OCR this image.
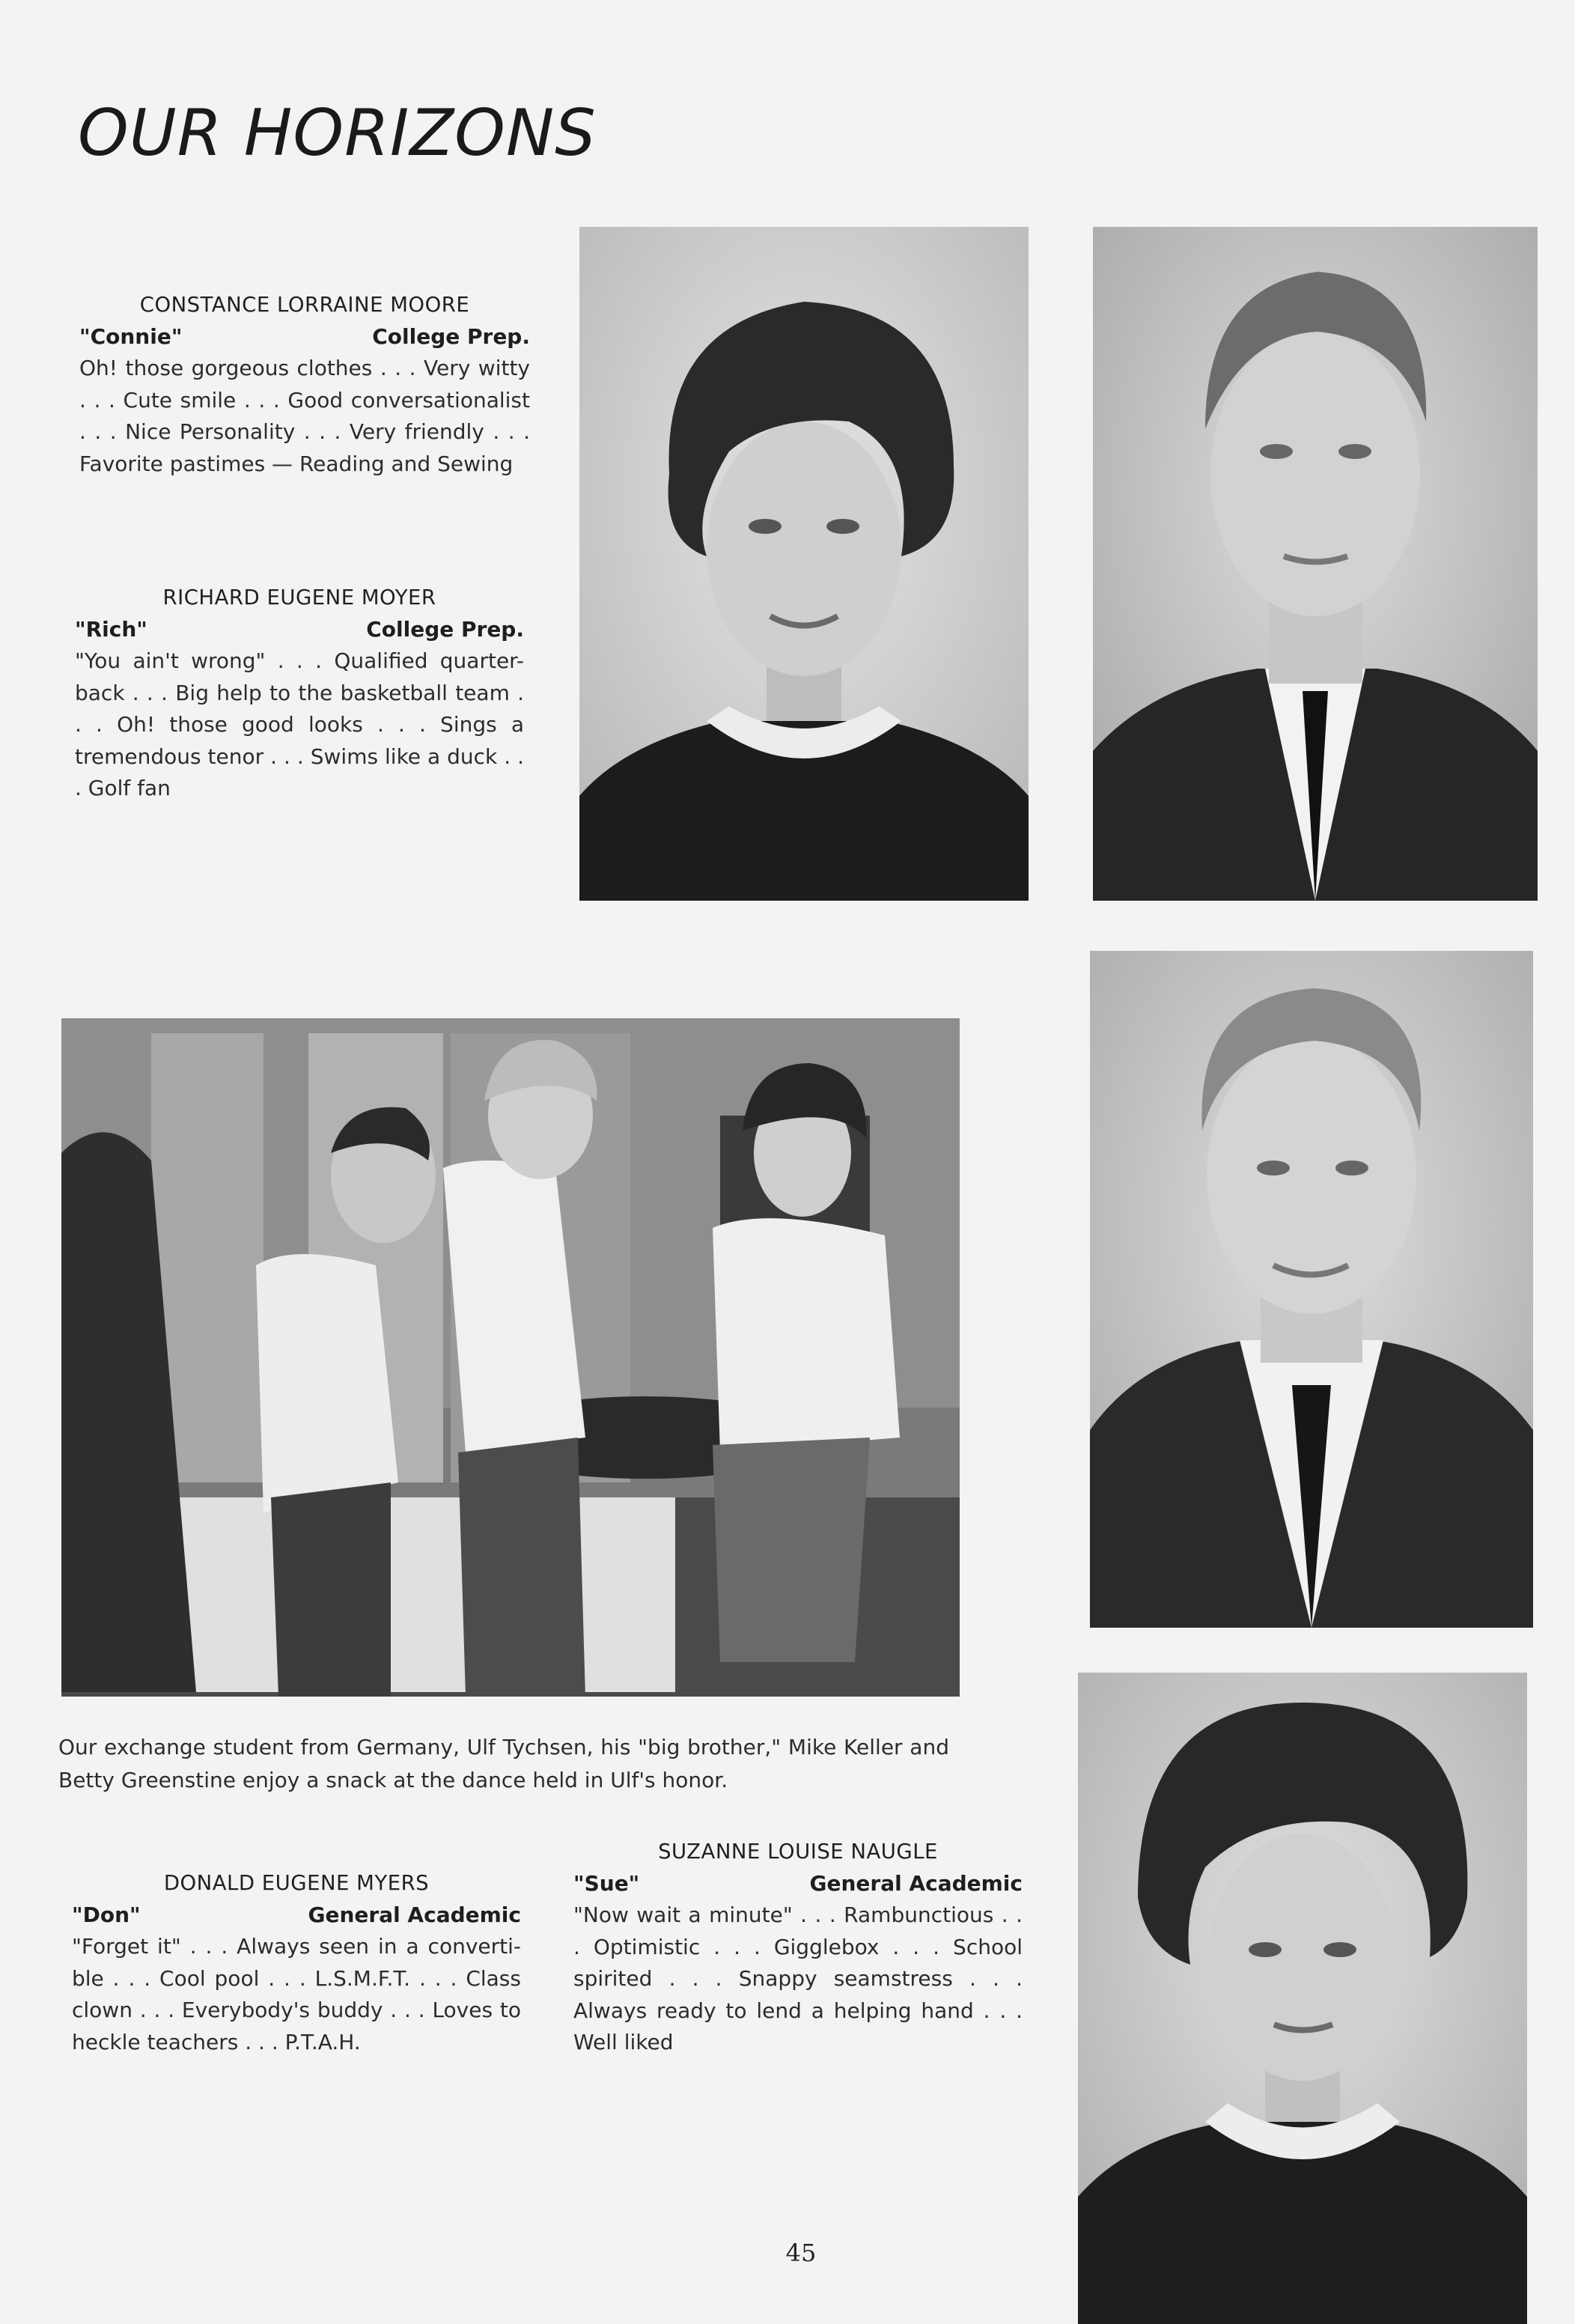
OUR HORIZONS
CONSTANCE LORRAINE MOORE
"Connie"	College Prep.
Oh! those gorgeous clothes . . . Very witty . . . Cute smile . . . Good conversationalist . . . Nice Personality . . . Very friendly . . . Favorite pastimes — Reading and Sewing
RICHARD EUGENE MOYER
"Rich"	College Prep.
"You ain't wrong" . . . Qualified quarter-back . . . Big help to the basketball team . . . Oh! those good looks . . . Sings a tremendous tenor . . . Swims like a duck . . . Golf fan
Our exchange student from Germany, Ulf Tychsen, his "big brother," Mike Keller and Betty Greenstine enjoy a snack at the dance held in Ulf's honor.
DONALD EUGENE MYERS
"Don"	General Academic
"Forget it" . . . Always seen in a converti-ble . . . Cool pool . . . L.S.M.F.T. . . . Class clown . . . Everybody's buddy . . . Loves to heckle teachers . . . P.T.A.H.
SUZANNE LOUISE NAUGLE
"Sue"	General Academic
"Now wait a minute" . . . Rambunctious . . . Optimistic . . . Gigglebox . . . School spirited . . . Snappy seamstress . . . Always ready to lend a helping hand . . . Well liked
45
